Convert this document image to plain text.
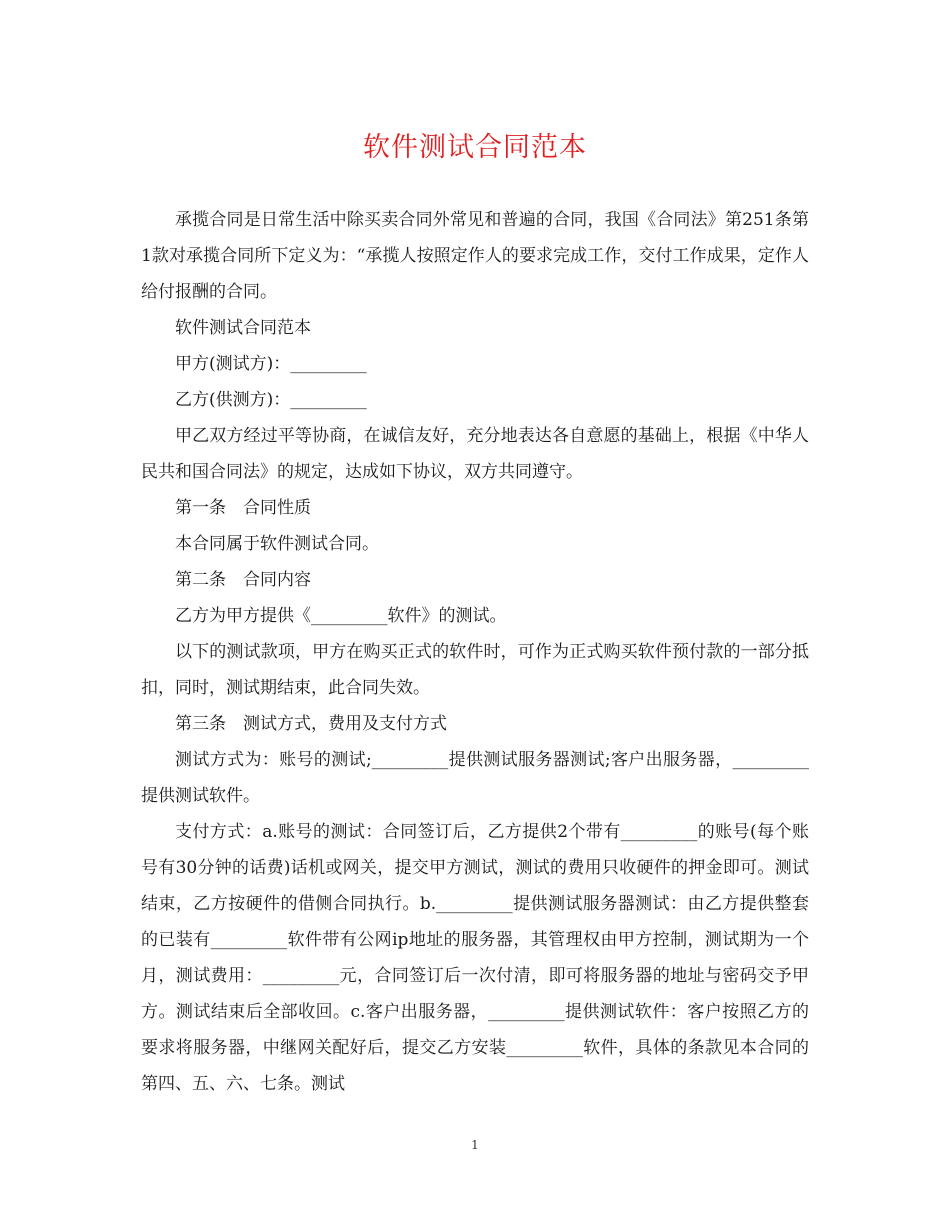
软件测试合同范本

承揽合同是日常生活中除买卖合同外常见和普遍的合同，我国《合同法》第251条第1款对承揽合同所下定义为：“承揽人按照定作人的要求完成工作，交付工作成果，定作人给付报酬的合同。

软件测试合同范本

甲方(测试方)：_________

乙方(供测方)：_________

甲乙双方经过平等协商，在诚信友好，充分地表达各自意愿的基础上，根据《中华人民共和国合同法》的规定，达成如下协议，双方共同遵守。

第一条　合同性质

本合同属于软件测试合同。

第二条　合同内容

乙方为甲方提供《_________软件》的测试。

以下的测试款项，甲方在购买正式的软件时，可作为正式购买软件预付款的一部分抵扣，同时，测试期结束，此合同失效。

第三条　测试方式，费用及支付方式

测试方式为：账号的测试;_________提供测试服务器测试;客户出服务器，_________提供测试软件。

支付方式：a.账号的测试：合同签订后，乙方提供2个带有_________的账号(每个账号有30分钟的话费)话机或网关，提交甲方测试，测试的费用只收硬件的押金即可。测试结束，乙方按硬件的借侧合同执行。b._________提供测试服务器测试：由乙方提供整套的已装有_________软件带有公网ip地址的服务器，其管理权由甲方控制，测试期为一个月，测试费用：_________元，合同签订后一次付清，即可将服务器的地址与密码交予甲方。测试结束后全部收回。c.客户出服务器，_________提供测试软件：客户按照乙方的要求将服务器，中继网关配好后，提交乙方安装_________软件，具体的条款见本合同的第四、五、六、七条。测试

1
